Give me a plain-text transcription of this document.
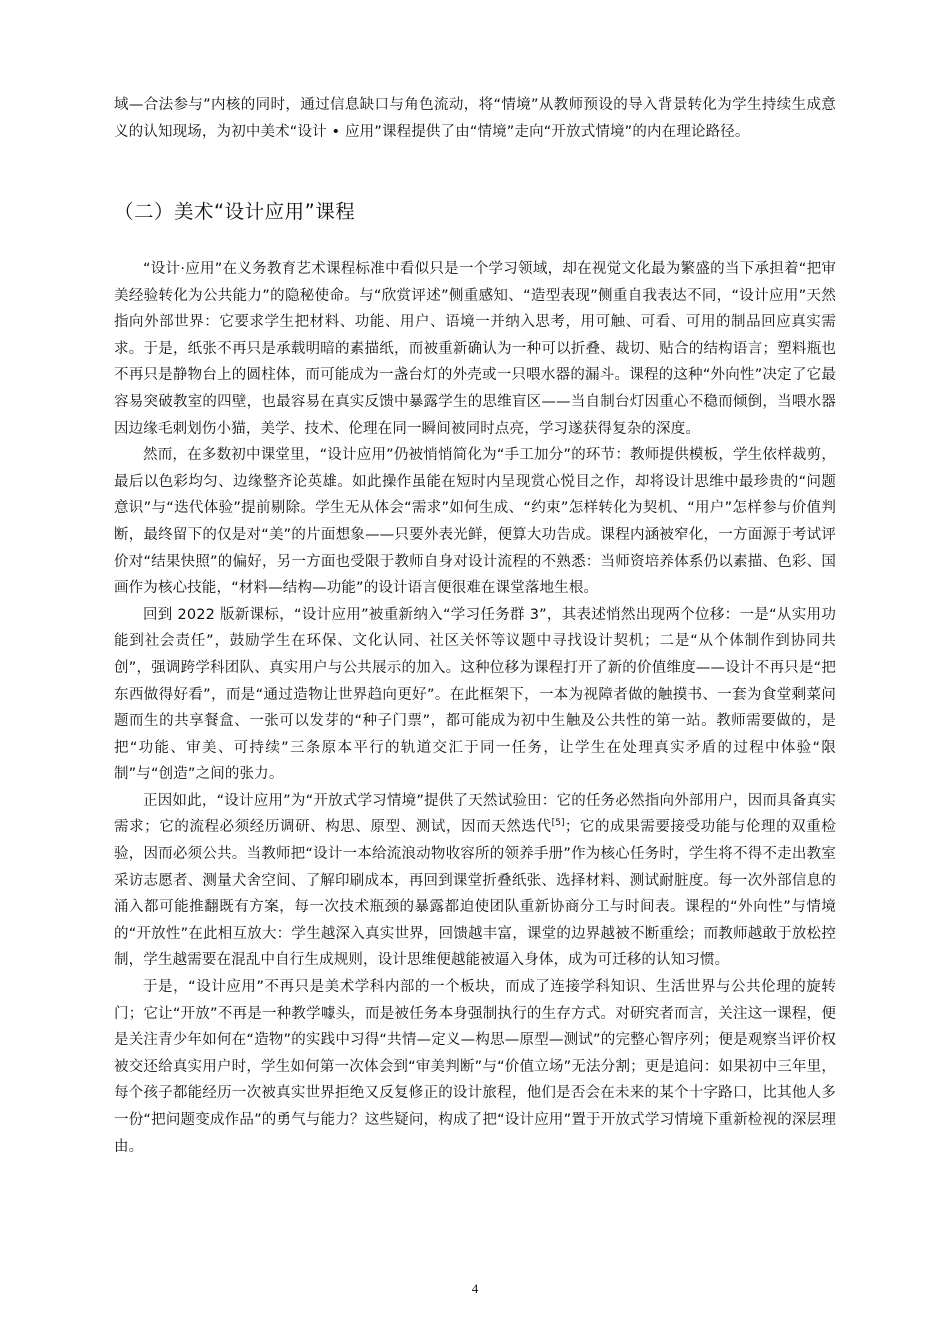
域—合法参与”内核的同时，通过信息缺口与角色流动，将“情境”从教师预设的导入背景转化为学生持续生成意义的认知现场，为初中美术“设计 • 应用”课程提供了由“情境”走向“开放式情境”的内在理论路径。
（二）美术“设计应用”课程

“设计·应用”在义务教育艺术课程标准中看似只是一个学习领域，却在视觉文化最为繁盛的当下承担着“把审美经验转化为公共能力”的隐秘使命。与“欣赏评述”侧重感知、“造型表现”侧重自我表达不同，“设计应用”天然指向外部世界：它要求学生把材料、功能、用户、语境一并纳入思考，用可触、可看、可用的制品回应真实需求。于是，纸张不再只是承载明暗的素描纸，而被重新确认为一种可以折叠、裁切、贴合的结构语言；塑料瓶也不再只是静物台上的圆柱体，而可能成为一盏台灯的外壳或一只喂水器的漏斗。课程的这种“外向性”决定了它最容易突破教室的四壁，也最容易在真实反馈中暴露学生的思维盲区——当自制台灯因重心不稳而倾倒，当喂水器因边缘毛刺划伤小猫，美学、技术、伦理在同一瞬间被同时点亮，学习遂获得复杂的深度。

然而，在多数初中课堂里，“设计应用”仍被悄悄简化为“手工加分”的环节：教师提供模板，学生依样裁剪，最后以色彩均匀、边缘整齐论英雄。如此操作虽能在短时内呈现赏心悦目之作，却将设计思维中最珍贵的“问题意识”与“迭代体验”提前剔除。学生无从体会“需求”如何生成、“约束”怎样转化为契机、“用户”怎样参与价值判断，最终留下的仅是对“美”的片面想象——只要外表光鲜，便算大功告成。课程内涵被窄化，一方面源于考试评价对“结果快照”的偏好，另一方面也受限于教师自身对设计流程的不熟悉：当师资培养体系仍以素描、色彩、国画作为核心技能，“材料—结构—功能”的设计语言便很难在课堂落地生根。

回到 2022 版新课标，“设计应用”被重新纳入“学习任务群 3”，其表述悄然出现两个位移：一是“从实用功能到社会责任”，鼓励学生在环保、文化认同、社区关怀等议题中寻找设计契机；二是“从个体制作到协同共创”，强调跨学科团队、真实用户与公共展示的加入。这种位移为课程打开了新的价值维度——设计不再只是“把东西做得好看”，而是“通过造物让世界趋向更好”。在此框架下，一本为视障者做的触摸书、一套为食堂剩菜问题而生的共享餐盒、一张可以发芽的“种子门票”，都可能成为初中生触及公共性的第一站。教师需要做的，是把“功能、审美、可持续”三条原本平行的轨道交汇于同一任务，让学生在处理真实矛盾的过程中体验“限制”与“创造”之间的张力。

正因如此，“设计应用”为“开放式学习情境”提供了天然试验田：它的任务必然指向外部用户，因而具备真实需求；它的流程必须经历调研、构思、原型、测试，因而天然迭代[5]；它的成果需要接受功能与伦理的双重检验，因而必须公共。当教师把“设计一本给流浪动物收容所的领养手册”作为核心任务时，学生将不得不走出教室采访志愿者、测量犬舍空间、了解印刷成本，再回到课堂折叠纸张、选择材料、测试耐脏度。每一次外部信息的涌入都可能推翻既有方案，每一次技术瓶颈的暴露都迫使团队重新协商分工与时间表。课程的“外向性”与情境的“开放性”在此相互放大：学生越深入真实世界，回馈越丰富，课堂的边界越被不断重绘；而教师越敢于放松控制，学生越需要在混乱中自行生成规则，设计思维便越能被逼入身体，成为可迁移的认知习惯。

于是，“设计应用”不再只是美术学科内部的一个板块，而成了连接学科知识、生活世界与公共伦理的旋转门；它让“开放”不再是一种教学噱头，而是被任务本身强制执行的生存方式。对研究者而言，关注这一课程，便是关注青少年如何在“造物”的实践中习得“共情—定义—构思—原型—测试”的完整心智序列；便是观察当评价权被交还给真实用户时，学生如何第一次体会到“审美判断”与“价值立场”无法分割；更是追问：如果初中三年里，每个孩子都能经历一次被真实世界拒绝又反复修正的设计旅程，他们是否会在未来的某个十字路口，比其他人多一份“把问题变成作品”的勇气与能力？这些疑问，构成了把“设计应用”置于开放式学习情境下重新检视的深层理由。

4
